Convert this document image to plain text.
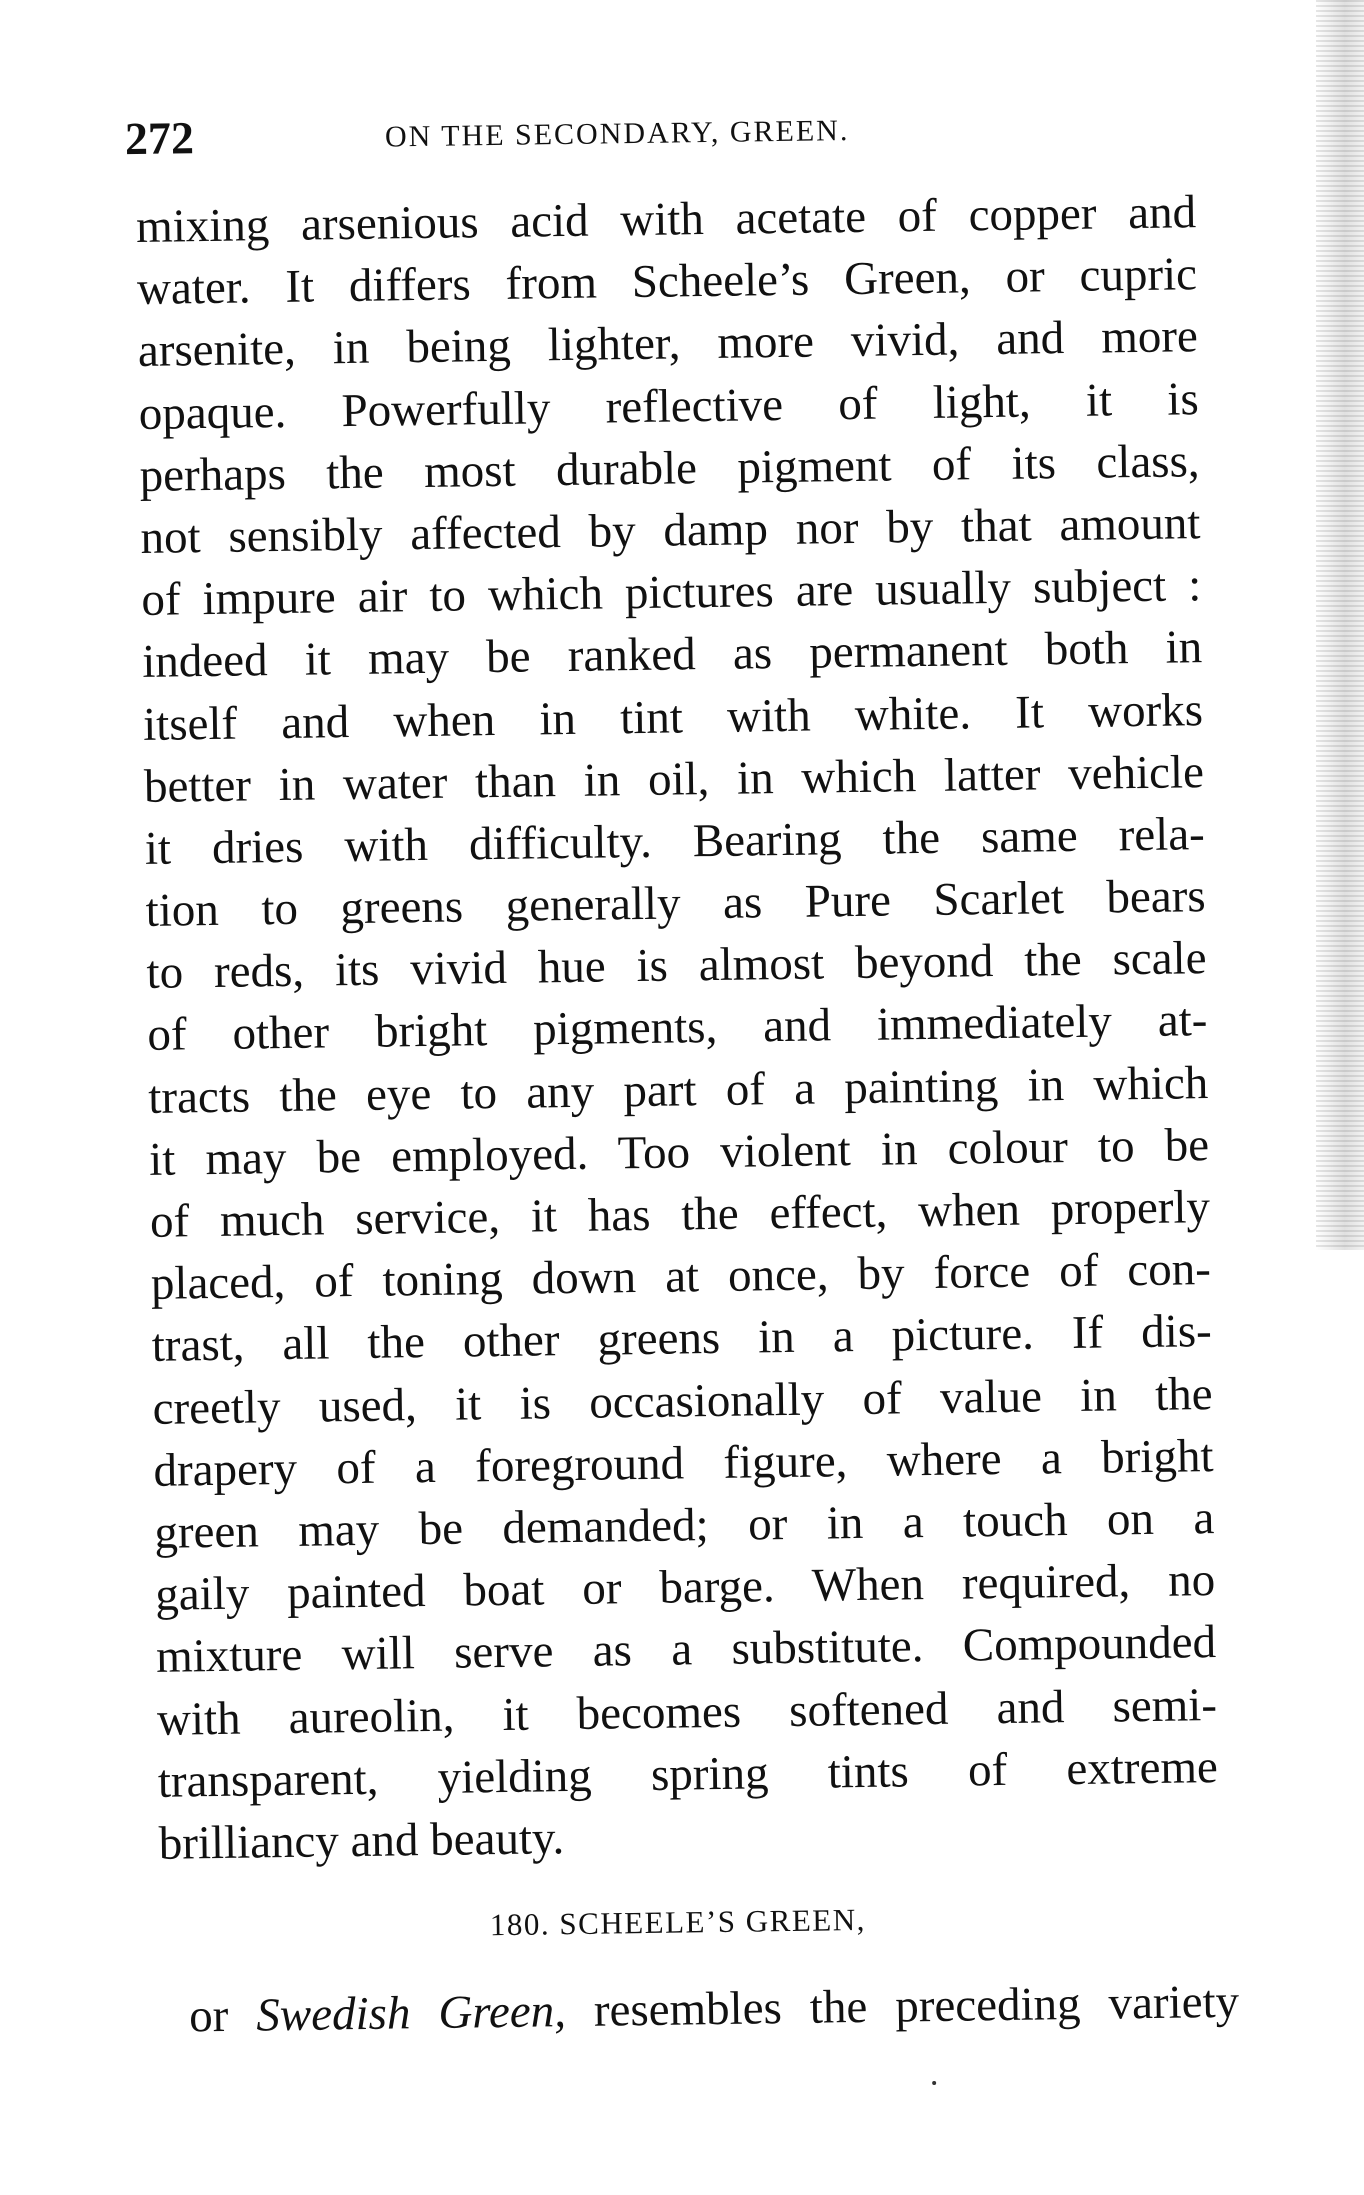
272	ON THE SECONDARY, GREEN.
mixing arsenious acid with acetate of copper and
water. It differs from Scheele’s Green, or cupric
arsenite, in being lighter, more vivid, and more
opaque. Powerfully reflective of light, it is
perhaps the most durable pigment of its class,
not sensibly affected by damp nor by that amount
of impure air to which pictures are usually subject :
indeed it may be ranked as permanent both in
itself and when in tint with white. It works
better in water than in oil, in which latter vehicle
it dries with difficulty. Bearing the same rela-
tion to greens generally as Pure Scarlet bears
to reds, its vivid hue is almost beyond the scale
of other bright pigments, and immediately at-
tracts the eye to any part of a painting in which
it may be employed. Too violent in colour to be
of much service, it has the effect, when properly
placed, of toning down at once, by force of con-
trast, all the other greens in a picture. If dis-
creetly used, it is occasionally of value in the
drapery of a foreground figure, where a bright
green may be demanded; or in a touch on a
gaily painted boat or barge. When required, no
mixture will serve as a substitute. Compounded
with aureolin, it becomes softened and semi-
transparent, yielding spring tints of extreme
brilliancy and beauty.
180. SCHEELE’S GREEN,
or Swedish Green, resembles the preceding variety
